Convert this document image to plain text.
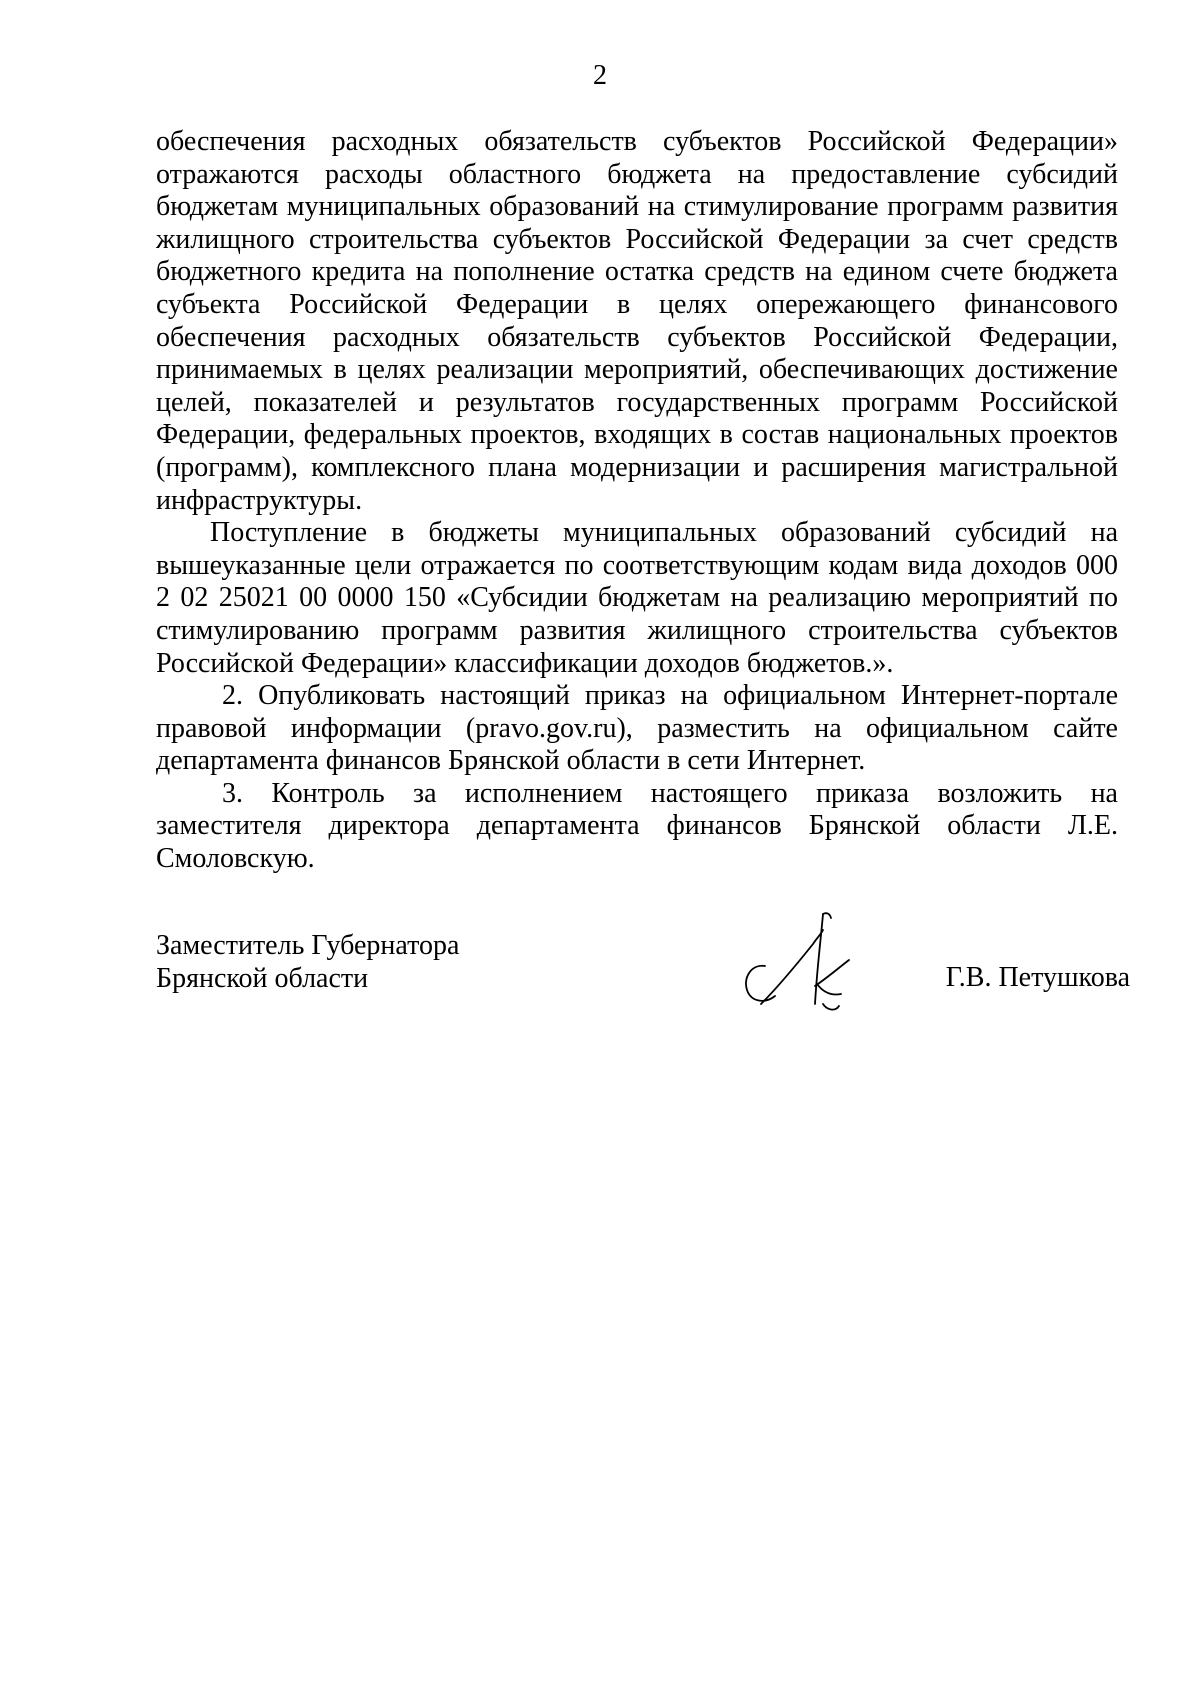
2

обеспечения расходных обязательств субъектов Российской Федерации» отражаются расходы областного бюджета на предоставление субсидий бюджетам муниципальных образований на стимулирование программ развития жилищного строительства субъектов Российской Федерации за счет средств бюджетного кредита на пополнение остатка средств на едином счете бюджета субъекта Российской Федерации в целях опережающего финансового обеспечения расходных обязательств субъектов Российской Федерации, принимаемых в целях реализации мероприятий, обеспечивающих достижение целей, показателей и результатов государственных программ Российской Федерации, федеральных проектов, входящих в состав национальных проектов (программ), комплексного плана модернизации и расширения магистральной инфраструктуры.

Поступление в бюджеты муниципальных образований субсидий на вышеуказанные цели отражается по соответствующим кодам вида доходов 000 2 02 25021 00 0000 150 «Субсидии бюджетам на реализацию мероприятий по стимулированию программ развития жилищного строительства субъектов Российской Федерации» классификации доходов бюджетов.».

2. Опубликовать настоящий приказ на официальном Интернет-портале правовой информации (pravo.gov.ru), разместить на официальном сайте департамента финансов Брянской области в сети Интернет.

3. Контроль за исполнением настоящего приказа возложить на заместителя директора департамента финансов Брянской области Л.Е. Смоловскую.

Заместитель Губернатора
Брянской области	Г.В. Петушкова
